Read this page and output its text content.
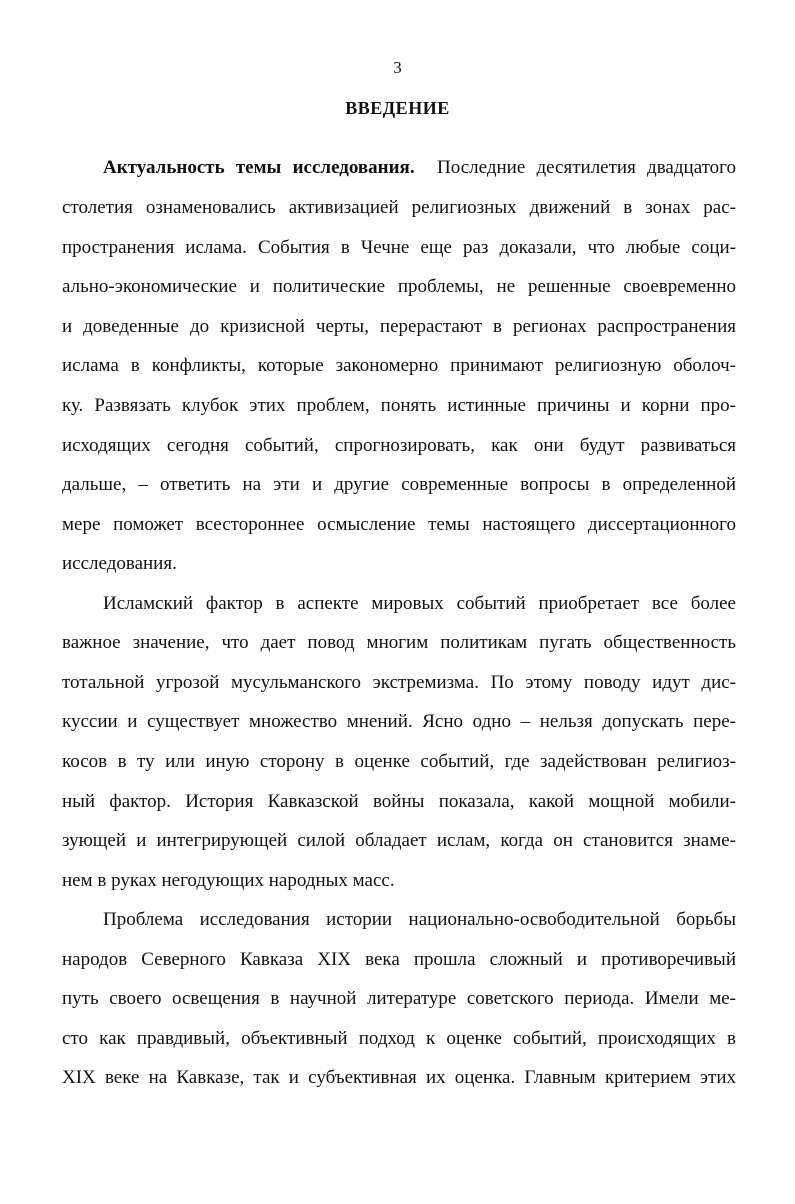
3
ВВЕДЕНИЕ
Актуальность темы исследования. Последние десятилетия двадцатого
столетия ознаменовались активизацией религиозных движений в зонах рас-
пространения ислама. События в Чечне еще раз доказали, что любые соци-
ально-экономические и политические проблемы, не решенные своевременно
и доведенные до кризисной черты, перерастают в регионах распространения
ислама в конфликты, которые закономерно принимают религиозную оболоч-
ку. Развязать клубок этих проблем, понять истинные причины и корни про-
исходящих сегодня событий, спрогнозировать, как они будут развиваться
дальше, – ответить на эти и другие современные вопросы в определенной
мере поможет всестороннее осмысление темы настоящего диссертационного
исследования.
Исламский фактор в аспекте мировых событий приобретает все более
важное значение, что дает повод многим политикам пугать общественность
тотальной угрозой мусульманского экстремизма. По этому поводу идут дис-
куссии и существует множество мнений. Ясно одно – нельзя допускать пере-
косов в ту или иную сторону в оценке событий, где задействован религиоз-
ный фактор. История Кавказской войны показала, какой мощной мобили-
зующей и интегрирующей силой обладает ислам, когда он становится знаме-
нем в руках негодующих народных масс.
Проблема исследования истории национально-освободительной борьбы
народов Северного Кавказа XIX века прошла сложный и противоречивый
путь своего освещения в научной литературе советского периода. Имели ме-
сто как правдивый, объективный подход к оценке событий, происходящих в
XIX веке на Кавказе, так и субъективная их оценка. Главным критерием этих
